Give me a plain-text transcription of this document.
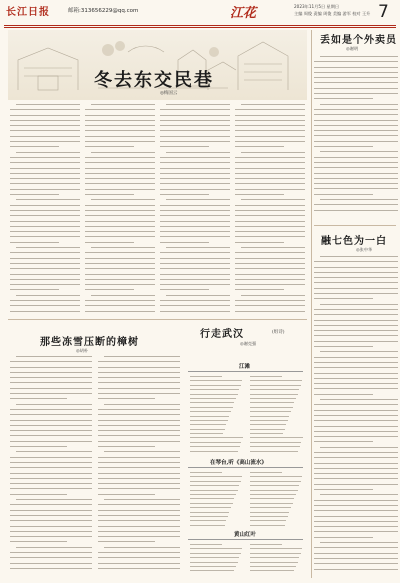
长江日报	邮箱:313656229@qq.com	江花	2023年11月5日 星期日
主编 周俊 责编 周俊 美编 游军 校对 王升 7
冬去东交民巷
◎梅国云
丢如是个外卖员
◎谢明
融七色为一白
◎张中华
那些冻雪压断的樟树
◎胡朴
行走武汉	(组诗)
◎谢克强
江滩
在琴台,听《高山流水》
黄山红叶
